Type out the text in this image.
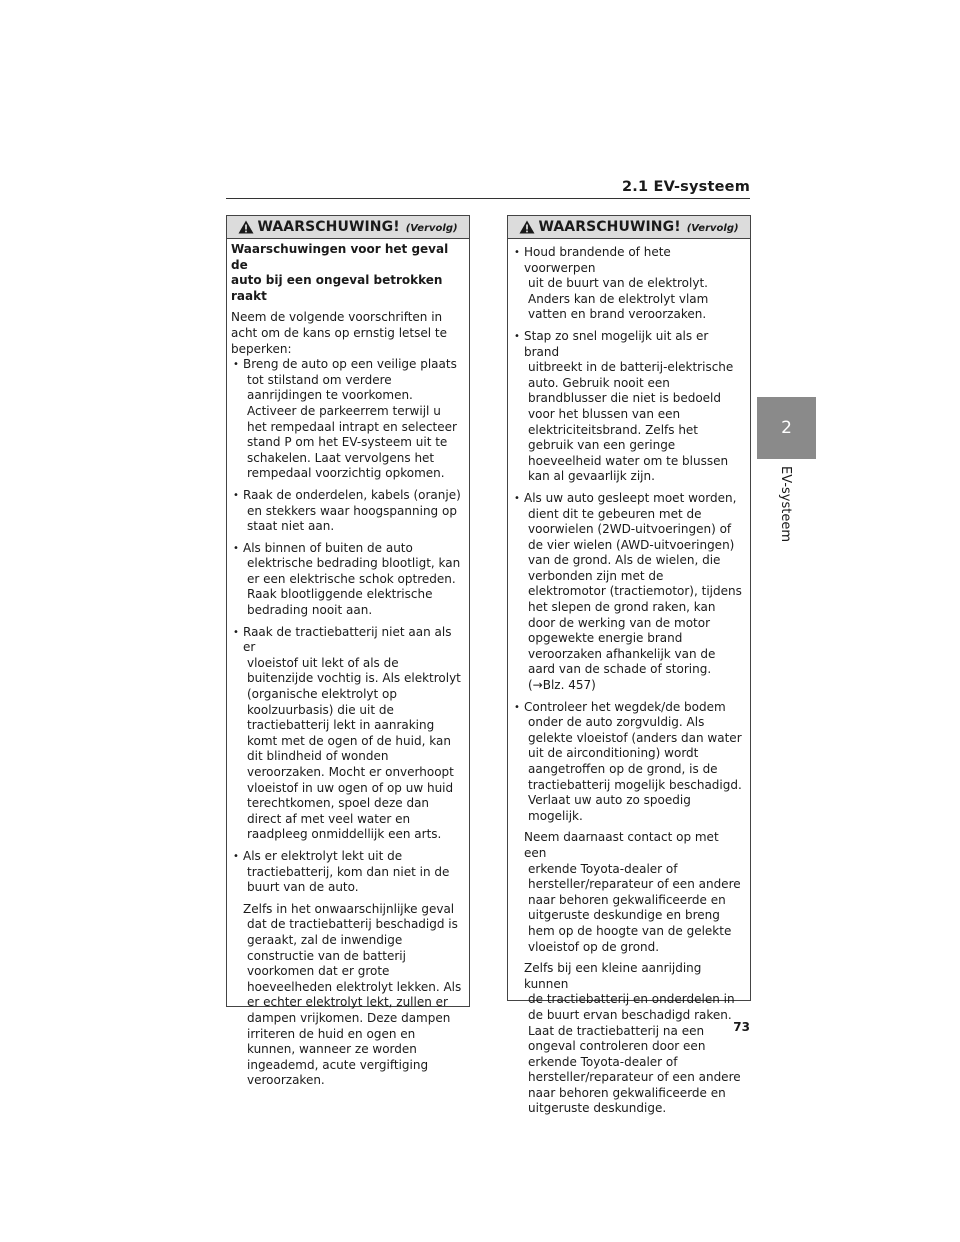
2.1 EV-systeem
2
EV-systeem
WAARSCHUWING! (Vervolg)

Waarschuwingen voor het geval de
auto bij een ongeval betrokken raakt

Neem de volgende voorschriften in acht om de kans op ernstig letsel te beperken:

• Breng de auto op een veilige plaats
tot stilstand om verdere aanrijdingen te voorkomen. Activeer de parkeerrem terwijl u het rempedaal intrapt en selecteer stand P om het EV-systeem uit te schakelen. Laat vervolgens het rempedaal voorzichtig opkomen.
• Raak de onderdelen, kabels (oranje)
en stekkers waar hoogspanning op staat niet aan.
• Als binnen of buiten de auto
elektrische bedrading blootligt, kan er een elektrische schok optreden. Raak blootliggende elektrische bedrading nooit aan.
• Raak de tractiebatterij niet aan als er
vloeistof uit lekt of als de buitenzijde vochtig is. Als elektrolyt (organische elektrolyt op koolzuurbasis) die uit de tractiebatterij lekt in aanraking komt met de ogen of de huid, kan dit blindheid of wonden veroorzaken. Mocht er onverhoopt vloeistof in uw ogen of op uw huid terechtkomen, spoel deze dan direct af met veel water en raadpleeg onmiddellijk een arts.
• Als er elektrolyt lekt uit de
tractiebatterij, kom dan niet in de buurt van de auto.
Zelfs in het onwaarschijnlijke geval
dat de tractiebatterij beschadigd is geraakt, zal de inwendige constructie van de batterij voorkomen dat er grote hoeveelheden elektrolyt lekken. Als er echter elektrolyt lekt, zullen er dampen vrijkomen. Deze dampen irriteren de huid en ogen en kunnen, wanneer ze worden ingeademd, acute vergiftiging veroorzaken.
WAARSCHUWING! (Vervolg)
• Houd brandende of hete voorwerpen
uit de buurt van de elektrolyt. Anders kan de elektrolyt vlam vatten en brand veroorzaken.
• Stap zo snel mogelijk uit als er brand
uitbreekt in de batterij-elektrische auto. Gebruik nooit een brandblusser die niet is bedoeld voor het blussen van een elektriciteitsbrand. Zelfs het gebruik van een geringe hoeveelheid water om te blussen kan al gevaarlijk zijn.
• Als uw auto gesleept moet worden,
dient dit te gebeuren met de voorwielen (2WD-uitvoeringen) of de vier wielen (AWD-uitvoeringen) van de grond. Als de wielen, die verbonden zijn met de elektromotor (tractiemotor), tijdens het slepen de grond raken, kan door de werking van de motor opgewekte energie brand veroorzaken afhankelijk van de aard van de schade of storing. (→Blz. 457)
• Controleer het wegdek/de bodem
onder de auto zorgvuldig. Als gelekte vloeistof (anders dan water uit de airconditioning) wordt aangetroffen op de grond, is de tractiebatterij mogelijk beschadigd. Verlaat uw auto zo spoedig mogelijk.
Neem daarnaast contact op met een
erkende Toyota-dealer of hersteller/reparateur of een andere naar behoren gekwalificeerde en uitgeruste deskundige en breng hem op de hoogte van de gelekte vloeistof op de grond.
Zelfs bij een kleine aanrijding kunnen
de tractiebatterij en onderdelen in de buurt ervan beschadigd raken. Laat de tractiebatterij na een ongeval controleren door een erkende Toyota-dealer of hersteller/reparateur of een andere naar behoren gekwalificeerde en uitgeruste deskundige.
73
